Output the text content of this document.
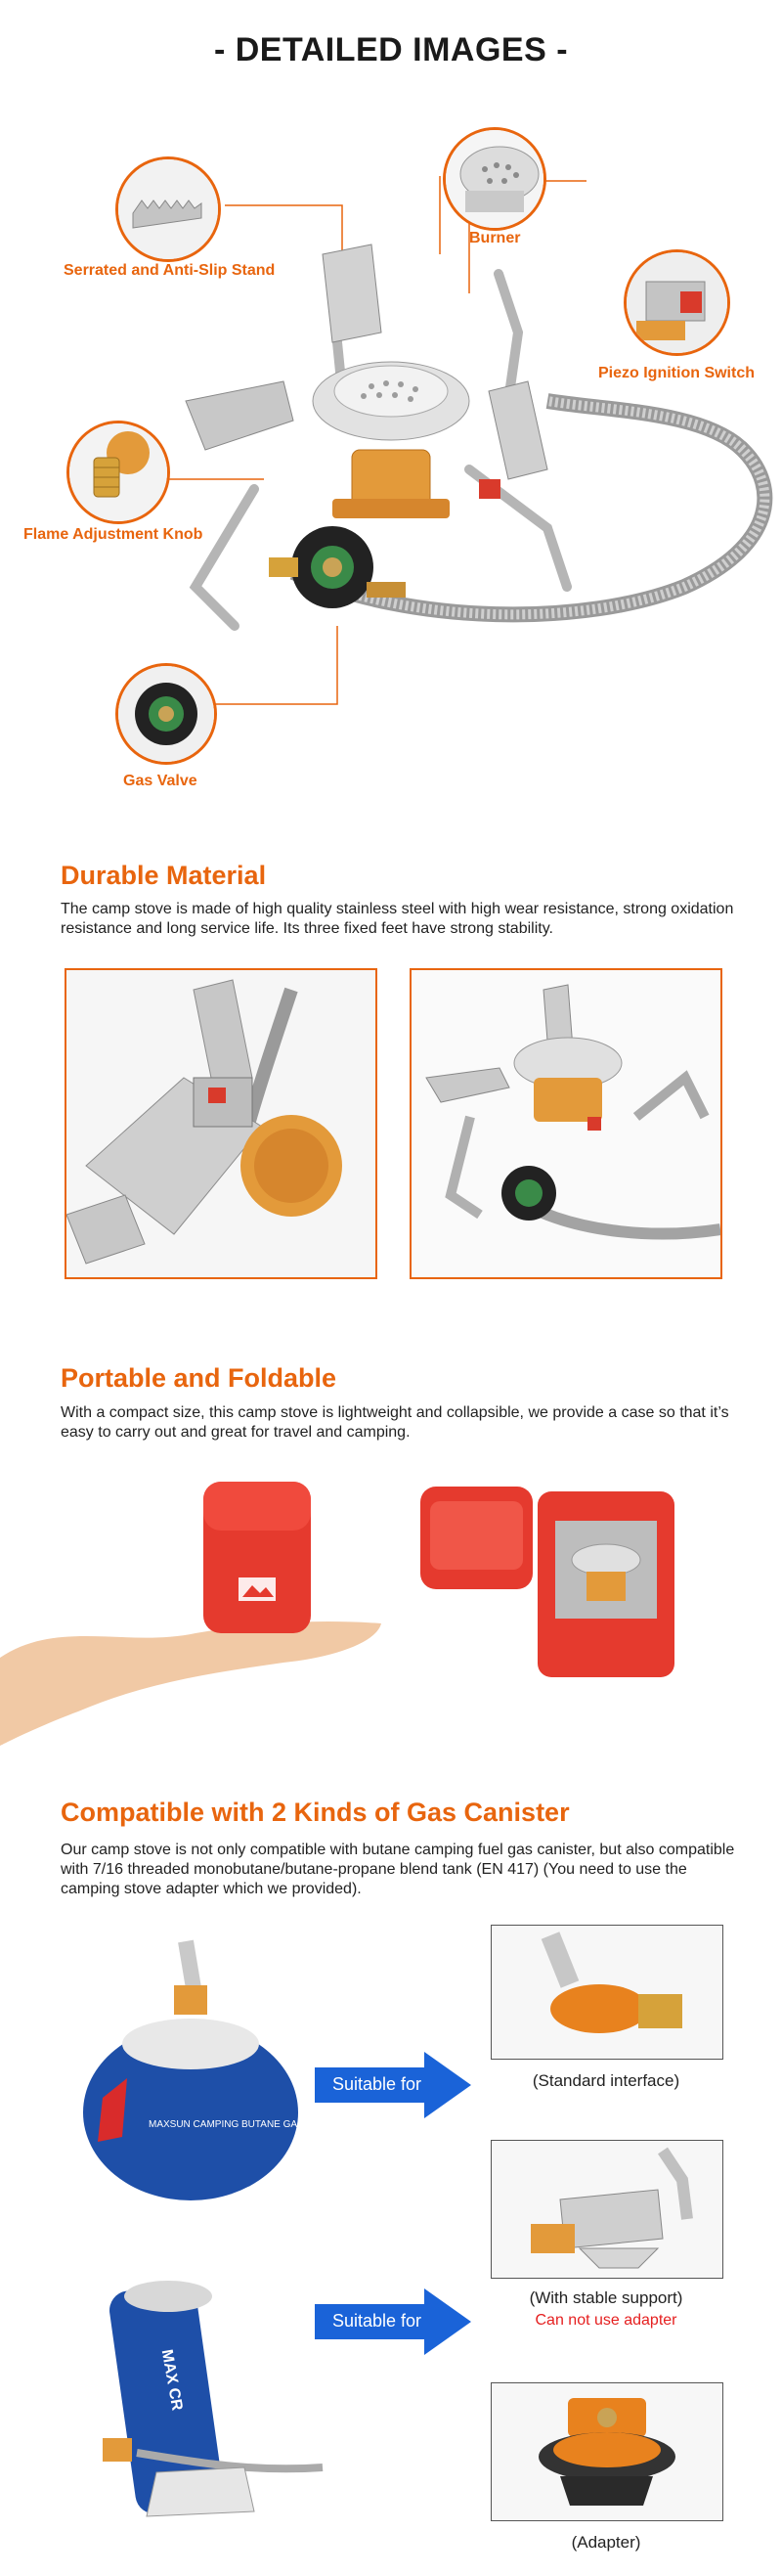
- DETAILED IMAGES -
Serrated and Anti-Slip Stand
Burner
Piezo Ignition Switch
Flame Adjustment Knob
Gas Valve
Durable Material
The camp stove is made of high quality stainless steel with high wear resistance, strong oxidation resistance and long service life. Its three fixed feet have strong stability.
Portable and Foldable
With a compact size, this camp stove is lightweight and collapsible, we provide a case so that it’s easy to carry out and great for travel and camping.
Compatible with 2 Kinds of Gas Canister
Our camp stove is not only compatible with butane camping fuel gas canister, but also compatible with 7/16 threaded monobutane/butane-propane blend tank (EN 417) (You need to use the camping stove adapter which we provided).
MAXSUN CAMPING BUTANE GAS
Suitable for
Suitable for
(Standard interface)
(With stable support)
Can not use adapter
MAX CR
(Adapter)
